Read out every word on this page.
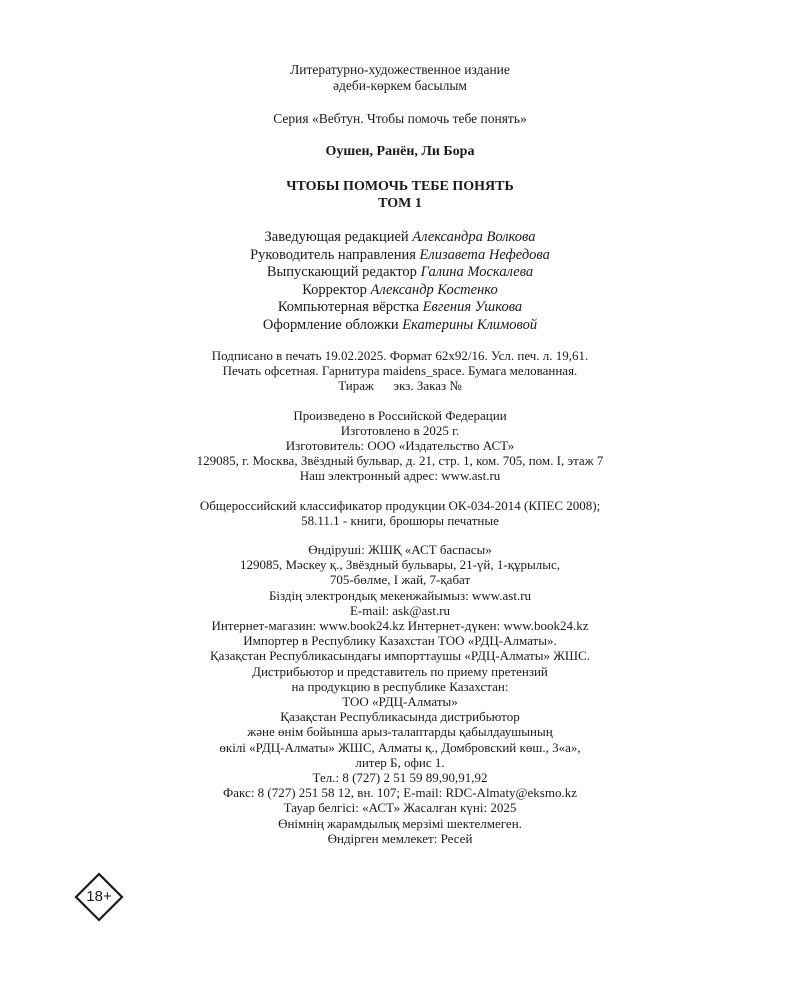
Литературно-художественное издание
әдеби-көркем басылым
Серия «Вебтун. Чтобы помочь тебе понять»
Оушен, Ранён, Ли Бора
ЧТОБЫ ПОМОЧЬ ТЕБЕ ПОНЯТЬ
ТОМ 1
Заведующая редакцией Александра Волкова
Руководитель направления Елизавета Нефедова
Выпускающий редактор Галина Москалева
Корректор Александр Костенко
Компьютерная вёрстка Евгения Ушкова
Оформление обложки Екатерины Климовой
Подписано в печать 19.02.2025. Формат 62x92/16. Усл. печ. л. 19,61.
Печать офсетная. Гарнитура maidens_space. Бумага мелованная.
Тираж      экз. Заказ №
Произведено в Российской Федерации
Изготовлено в 2025 г.
Изготовитель: ООО «Издательство АСТ»
129085, г. Москва, Звёздный бульвар, д. 21, стр. 1, ком. 705, пом. I, этаж 7
Наш электронный адрес: www.ast.ru
Общероссийский классификатор продукции ОК-034-2014 (КПЕС 2008);
58.11.1 - книги, брошюры печатные
Өндіруші: ЖШҚ «АСТ баспасы»
129085, Мәскеу қ., Звёздный бульвары, 21-үй, 1-құрылыс,
705-бөлме, I жай, 7-қабат
Біздің электрондық мекенжайымыз: www.ast.ru
E-mail: ask@ast.ru
Интернет-магазин: www.book24.kz Интернет-дүкен: www.book24.kz
Импортер в Республику Казахстан ТОО «РДЦ-Алматы».
Қазақстан Республикасындағы импорттаушы «РДЦ-Алматы» ЖШС.
Дистрибьютор и представитель по приему претензий
на продукцию в республике Казахстан:
ТОО «РДЦ-Алматы»
Қазақстан Республикасында дистрибьютор
және өнім бойынша арыз-талаптарды қабылдаушының
өкілі «РДЦ-Алматы» ЖШС, Алматы қ., Домбровский көш., 3«а»,
литер Б, офис 1.
Тел.: 8 (727) 2 51 59 89,90,91,92
Факс: 8 (727) 251 58 12, вн. 107; E-mail: RDC-Almaty@eksmo.kz
Тауар белгісі: «АСТ» Жасалған күні: 2025
Өнімнің жарамдылық мерзімі шектелмеген.
Өндірген мемлекет: Ресей
18+
